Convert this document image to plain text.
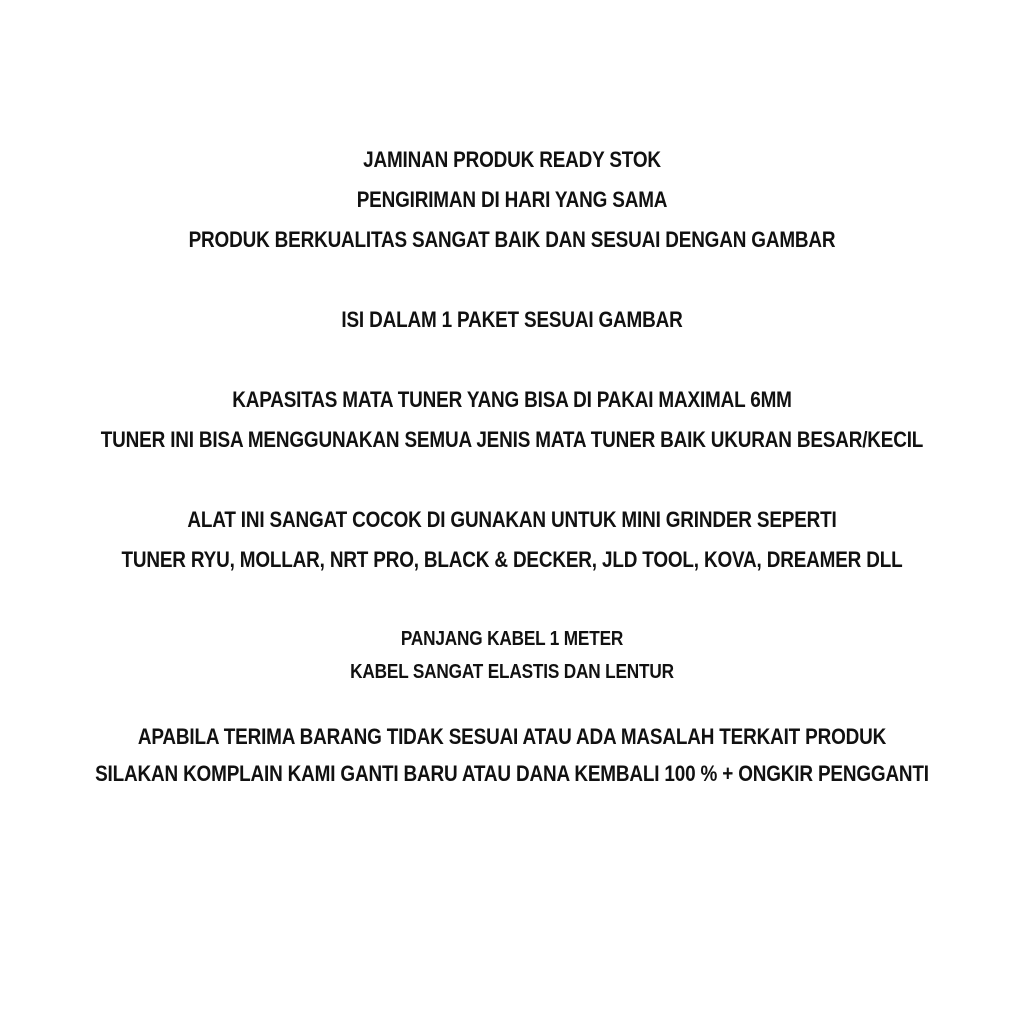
JAMINAN PRODUK READY STOK
PENGIRIMAN DI HARI YANG SAMA
PRODUK BERKUALITAS SANGAT BAIK DAN SESUAI DENGAN GAMBAR
ISI DALAM 1 PAKET SESUAI GAMBAR
KAPASITAS MATA TUNER YANG BISA DI PAKAI MAXIMAL 6MM
TUNER INI BISA MENGGUNAKAN SEMUA JENIS MATA TUNER BAIK UKURAN BESAR/KECIL
ALAT INI SANGAT COCOK DI GUNAKAN UNTUK MINI GRINDER SEPERTI
TUNER RYU, MOLLAR, NRT PRO, BLACK & DECKER, JLD TOOL, KOVA, DREAMER DLL
PANJANG KABEL 1 METER
KABEL SANGAT ELASTIS DAN LENTUR
APABILA TERIMA BARANG TIDAK SESUAI ATAU ADA MASALAH TERKAIT PRODUK
SILAKAN KOMPLAIN KAMI GANTI BARU ATAU DANA KEMBALI 100 % + ONGKIR PENGGANTI
